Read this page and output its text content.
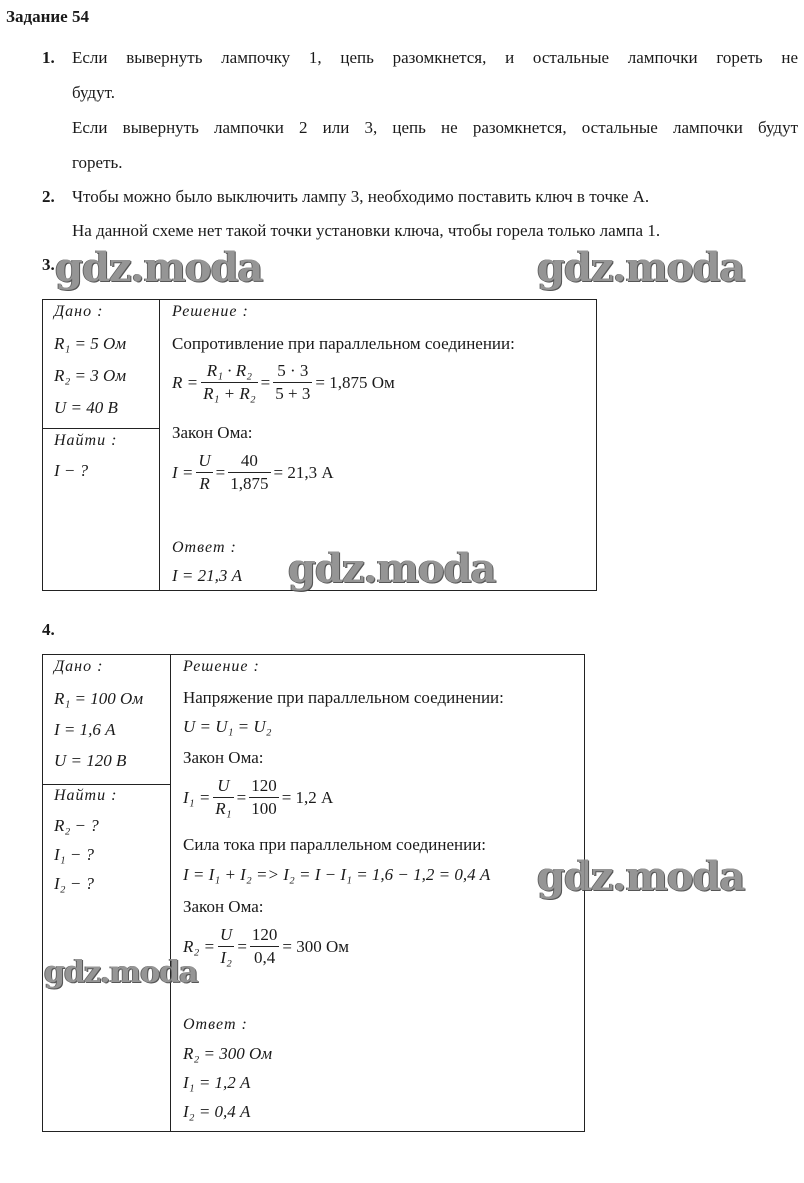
Задание 54
1. Если вывернуть лампочку 1, цепь разомкнется, и остальные лампочки гореть не
будут.
Если вывернуть лампочки 2 или 3, цепь не разомкнется, остальные лампочки будут
гореть.
2. Чтобы можно было выключить лампу 3, необходимо поставить ключ в точке А.
На данной схеме нет такой точки установки ключа, чтобы горела только лампа 1.
3.
Дано :
R₁ = 5 Ом
R₂ = 3 Ом
U = 40 В
Найти :
I − ?
Решение :
Сопротивление при параллельном соединении:
$R = \frac{\text{R₁ · R₂}}{\text{R₁ + R₂}} = \frac{5 \cdot 3}{5 + 3} = 1,875$ Ом
Закон Ома:
$I = \frac{U}{R} = \frac{40}{1,875} = 21,3$ А
Ответ :
I = 21,3 А
4.
Дано :
R₁ = 100 Ом
I = 1,6 А
U = 120 В
Найти :
R₂ − ?
I₁ − ?
I₂ − ?
Решение :
Напряжение при параллельном соединении:
U = U₁ = U₂
Закон Ома:
$I_1 = \frac{U}{\text{R₁}} = \frac{120}{100} = 1,2$ А
Сила тока при параллельном соединении:
I = I₁ + I₂ => I₂ = I − I₁ = 1,6 − 1,2 = 0,4 А
Закон Ома:
$R_2 = \frac{U}{\text{I₂}} = \frac{120}{0,4} = 300$ Ом
Ответ :
R₂ = 300 Ом
I₁ = 1,2 А
I₂ = 0,4 А
gdz.moda	gdz.moda
gdz.moda
gdz.moda
gdz.moda
